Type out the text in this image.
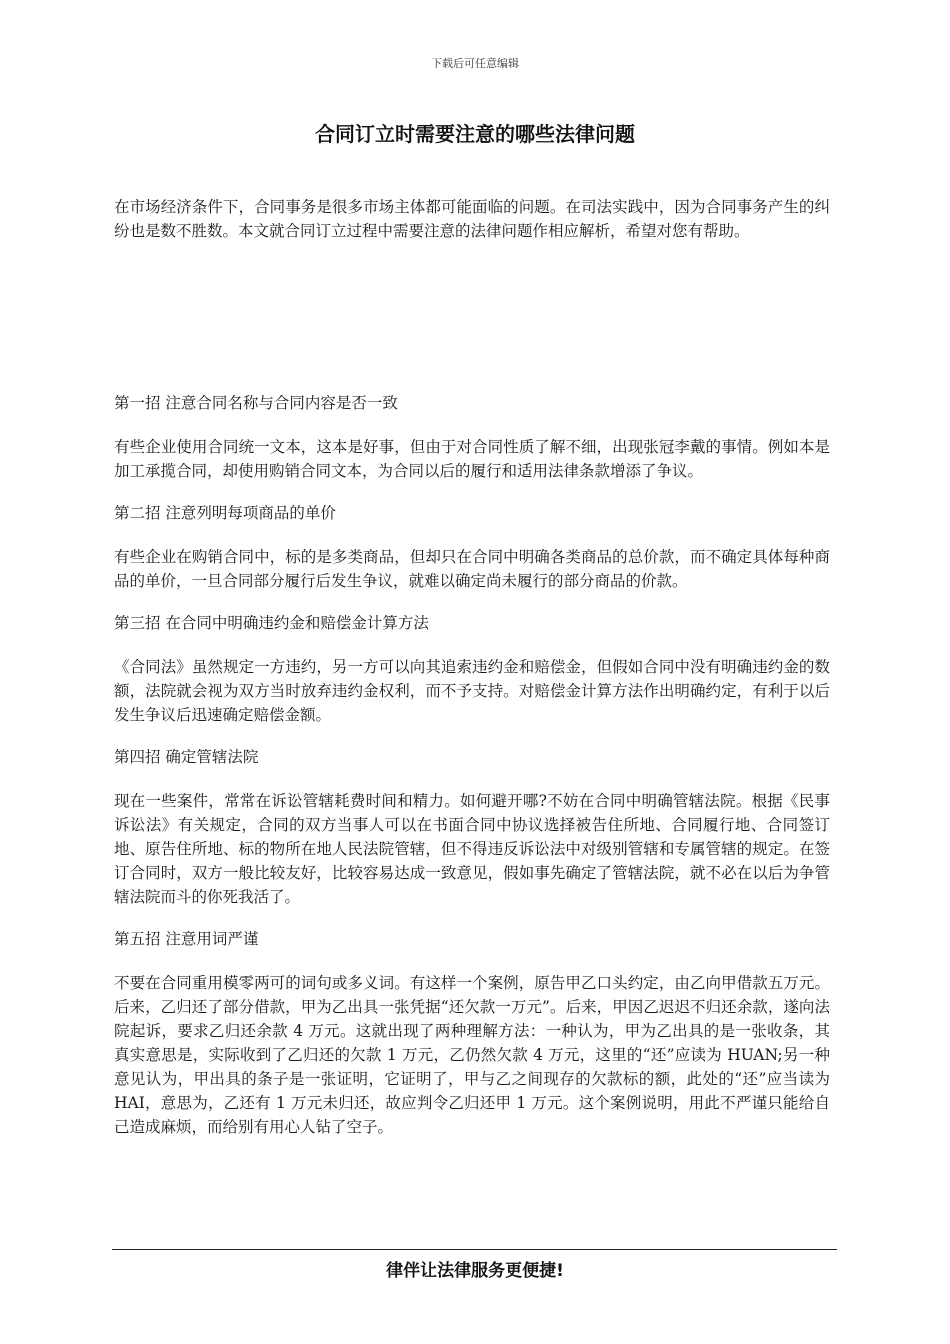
下载后可任意编辑
合同订立时需要注意的哪些法律问题

在市场经济条件下，合同事务是很多市场主体都可能面临的问题。在司法实践中，因为合同事务产生的纠纷也是数不胜数。本文就合同订立过程中需要注意的法律问题作相应解析，希望对您有帮助。

第一招 注意合同名称与合同内容是否一致

有些企业使用合同统一文本，这本是好事，但由于对合同性质了解不细，出现张冠李戴的事情。例如本是加工承揽合同，却使用购销合同文本，为合同以后的履行和适用法律条款增添了争议。

第二招 注意列明每项商品的单价

有些企业在购销合同中，标的是多类商品，但却只在合同中明确各类商品的总价款，而不确定具体每种商品的单价，一旦合同部分履行后发生争议，就难以确定尚未履行的部分商品的价款。

第三招 在合同中明确违约金和赔偿金计算方法

《合同法》虽然规定一方违约，另一方可以向其追索违约金和赔偿金，但假如合同中没有明确违约金的数额，法院就会视为双方当时放弃违约金权利，而不予支持。对赔偿金计算方法作出明确约定，有利于以后发生争议后迅速确定赔偿金额。

第四招 确定管辖法院

现在一些案件，常常在诉讼管辖耗费时间和精力。如何避开哪?不妨在合同中明确管辖法院。根据《民事诉讼法》有关规定，合同的双方当事人可以在书面合同中协议选择被告住所地、合同履行地、合同签订地、原告住所地、标的物所在地人民法院管辖，但不得违反诉讼法中对级别管辖和专属管辖的规定。在签订合同时，双方一般比较友好，比较容易达成一致意见，假如事先确定了管辖法院，就不必在以后为争管辖法院而斗的你死我活了。

第五招 注意用词严谨

不要在合同重用模零两可的词句或多义词。有这样一个案例，原告甲乙口头约定，由乙向甲借款五万元。后来，乙归还了部分借款，甲为乙出具一张凭据“还欠款一万元”。后来，甲因乙迟迟不归还余款，遂向法院起诉，要求乙归还余款 4 万元。这就出现了两种理解方法：一种认为，甲为乙出具的是一张收条，其真实意思是，实际收到了乙归还的欠款 1 万元，乙仍然欠款 4 万元，这里的“还”应读为 HUAN;另一种意见认为，甲出具的条子是一张证明，它证明了，甲与乙之间现存的欠款标的额，此处的“还”应当读为 HAI，意思为，乙还有 1 万元未归还，故应判令乙归还甲 1 万元。这个案例说明，用此不严谨只能给自己造成麻烦，而给别有用心人钻了空子。

律伴让法律服务更便捷!
